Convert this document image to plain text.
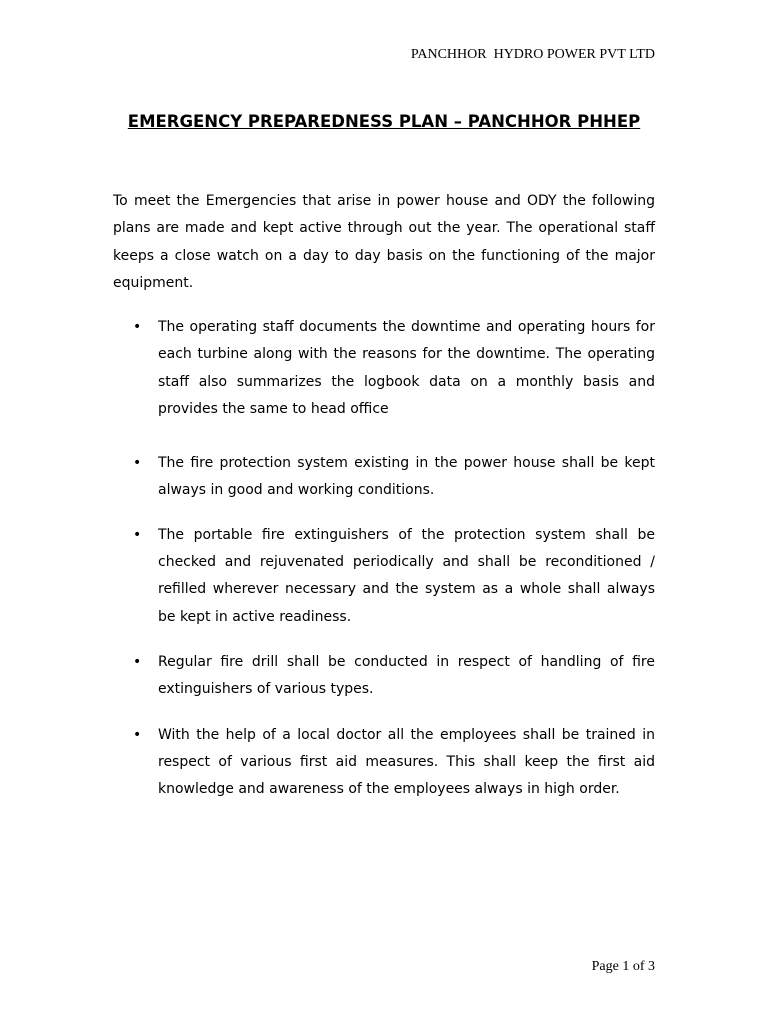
PANCHHOR  HYDRO POWER PVT LTD
EMERGENCY PREPAREDNESS PLAN – PANCHHOR PHHEP

To meet the Emergencies that arise in power house and ODY the following plans are made and kept active through out the year. The operational staff keeps a close watch on a day to day basis on the functioning of the major equipment.

• The operating staff documents the downtime and operating hours for each turbine along with the reasons for the downtime. The operating staff also summarizes the logbook data on a monthly basis and provides the same to head office
• The fire protection system existing in the power house shall be kept always in good and working conditions.
• The portable fire extinguishers of the protection system shall be checked and rejuvenated periodically and shall be reconditioned / refilled wherever necessary and the system as a whole shall always be kept in active readiness.
• Regular fire drill shall be conducted in respect of handling of fire extinguishers of various types.
• With the help of a local doctor all the employees shall be trained in respect of various first aid measures. This shall keep the first aid knowledge and awareness of the employees always in high order.
Page 1 of 3
